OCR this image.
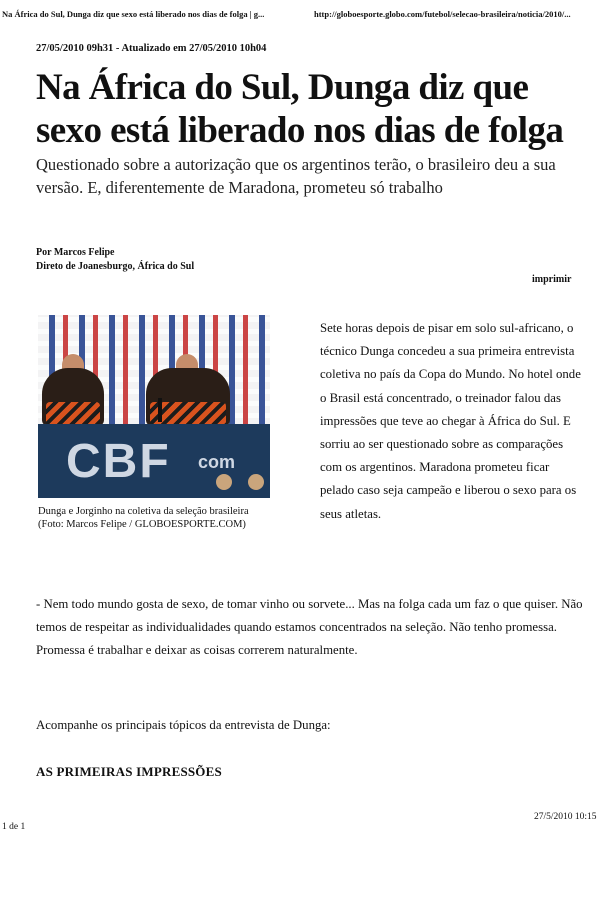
Na África do Sul, Dunga diz que sexo está liberado nos dias de folga | g...	http://globoesporte.globo.com/futebol/selecao-brasileira/noticia/2010/...
27/05/2010 09h31 - Atualizado em 27/05/2010 10h04
Na África do Sul, Dunga diz que sexo está liberado nos dias de folga
Questionado sobre a autorização que os argentinos terão, o brasileiro deu a sua versão. E, diferentemente de Maradona, prometeu só trabalho
Por Marcos Felipe
Direto de Joanesburgo, África do Sul
imprimir
CBF com
Dunga e Jorginho na coletiva da seleção brasileira
(Foto: Marcos Felipe / GLOBOESPORTE.COM)

Sete horas depois de pisar em solo sul-africano, o técnico Dunga concedeu a sua primeira entrevista coletiva no país da Copa do Mundo. No hotel onde o Brasil está concentrado, o treinador falou das impressões que teve ao chegar à África do Sul. E sorriu ao ser questionado sobre as comparações com os argentinos. Maradona prometeu ficar pelado caso seja campeão e liberou o sexo para os seus atletas.

- Nem todo mundo gosta de sexo, de tomar vinho ou sorvete... Mas na folga cada um faz o que quiser. Não temos de respeitar as individualidades quando estamos concentrados na seleção. Não tenho promessa. Promessa é trabalhar e deixar as coisas correrem naturalmente.

Acompanhe os principais tópicos da entrevista de Dunga:
AS PRIMEIRAS IMPRESSÕES
1 de 1
27/5/2010 10:15
